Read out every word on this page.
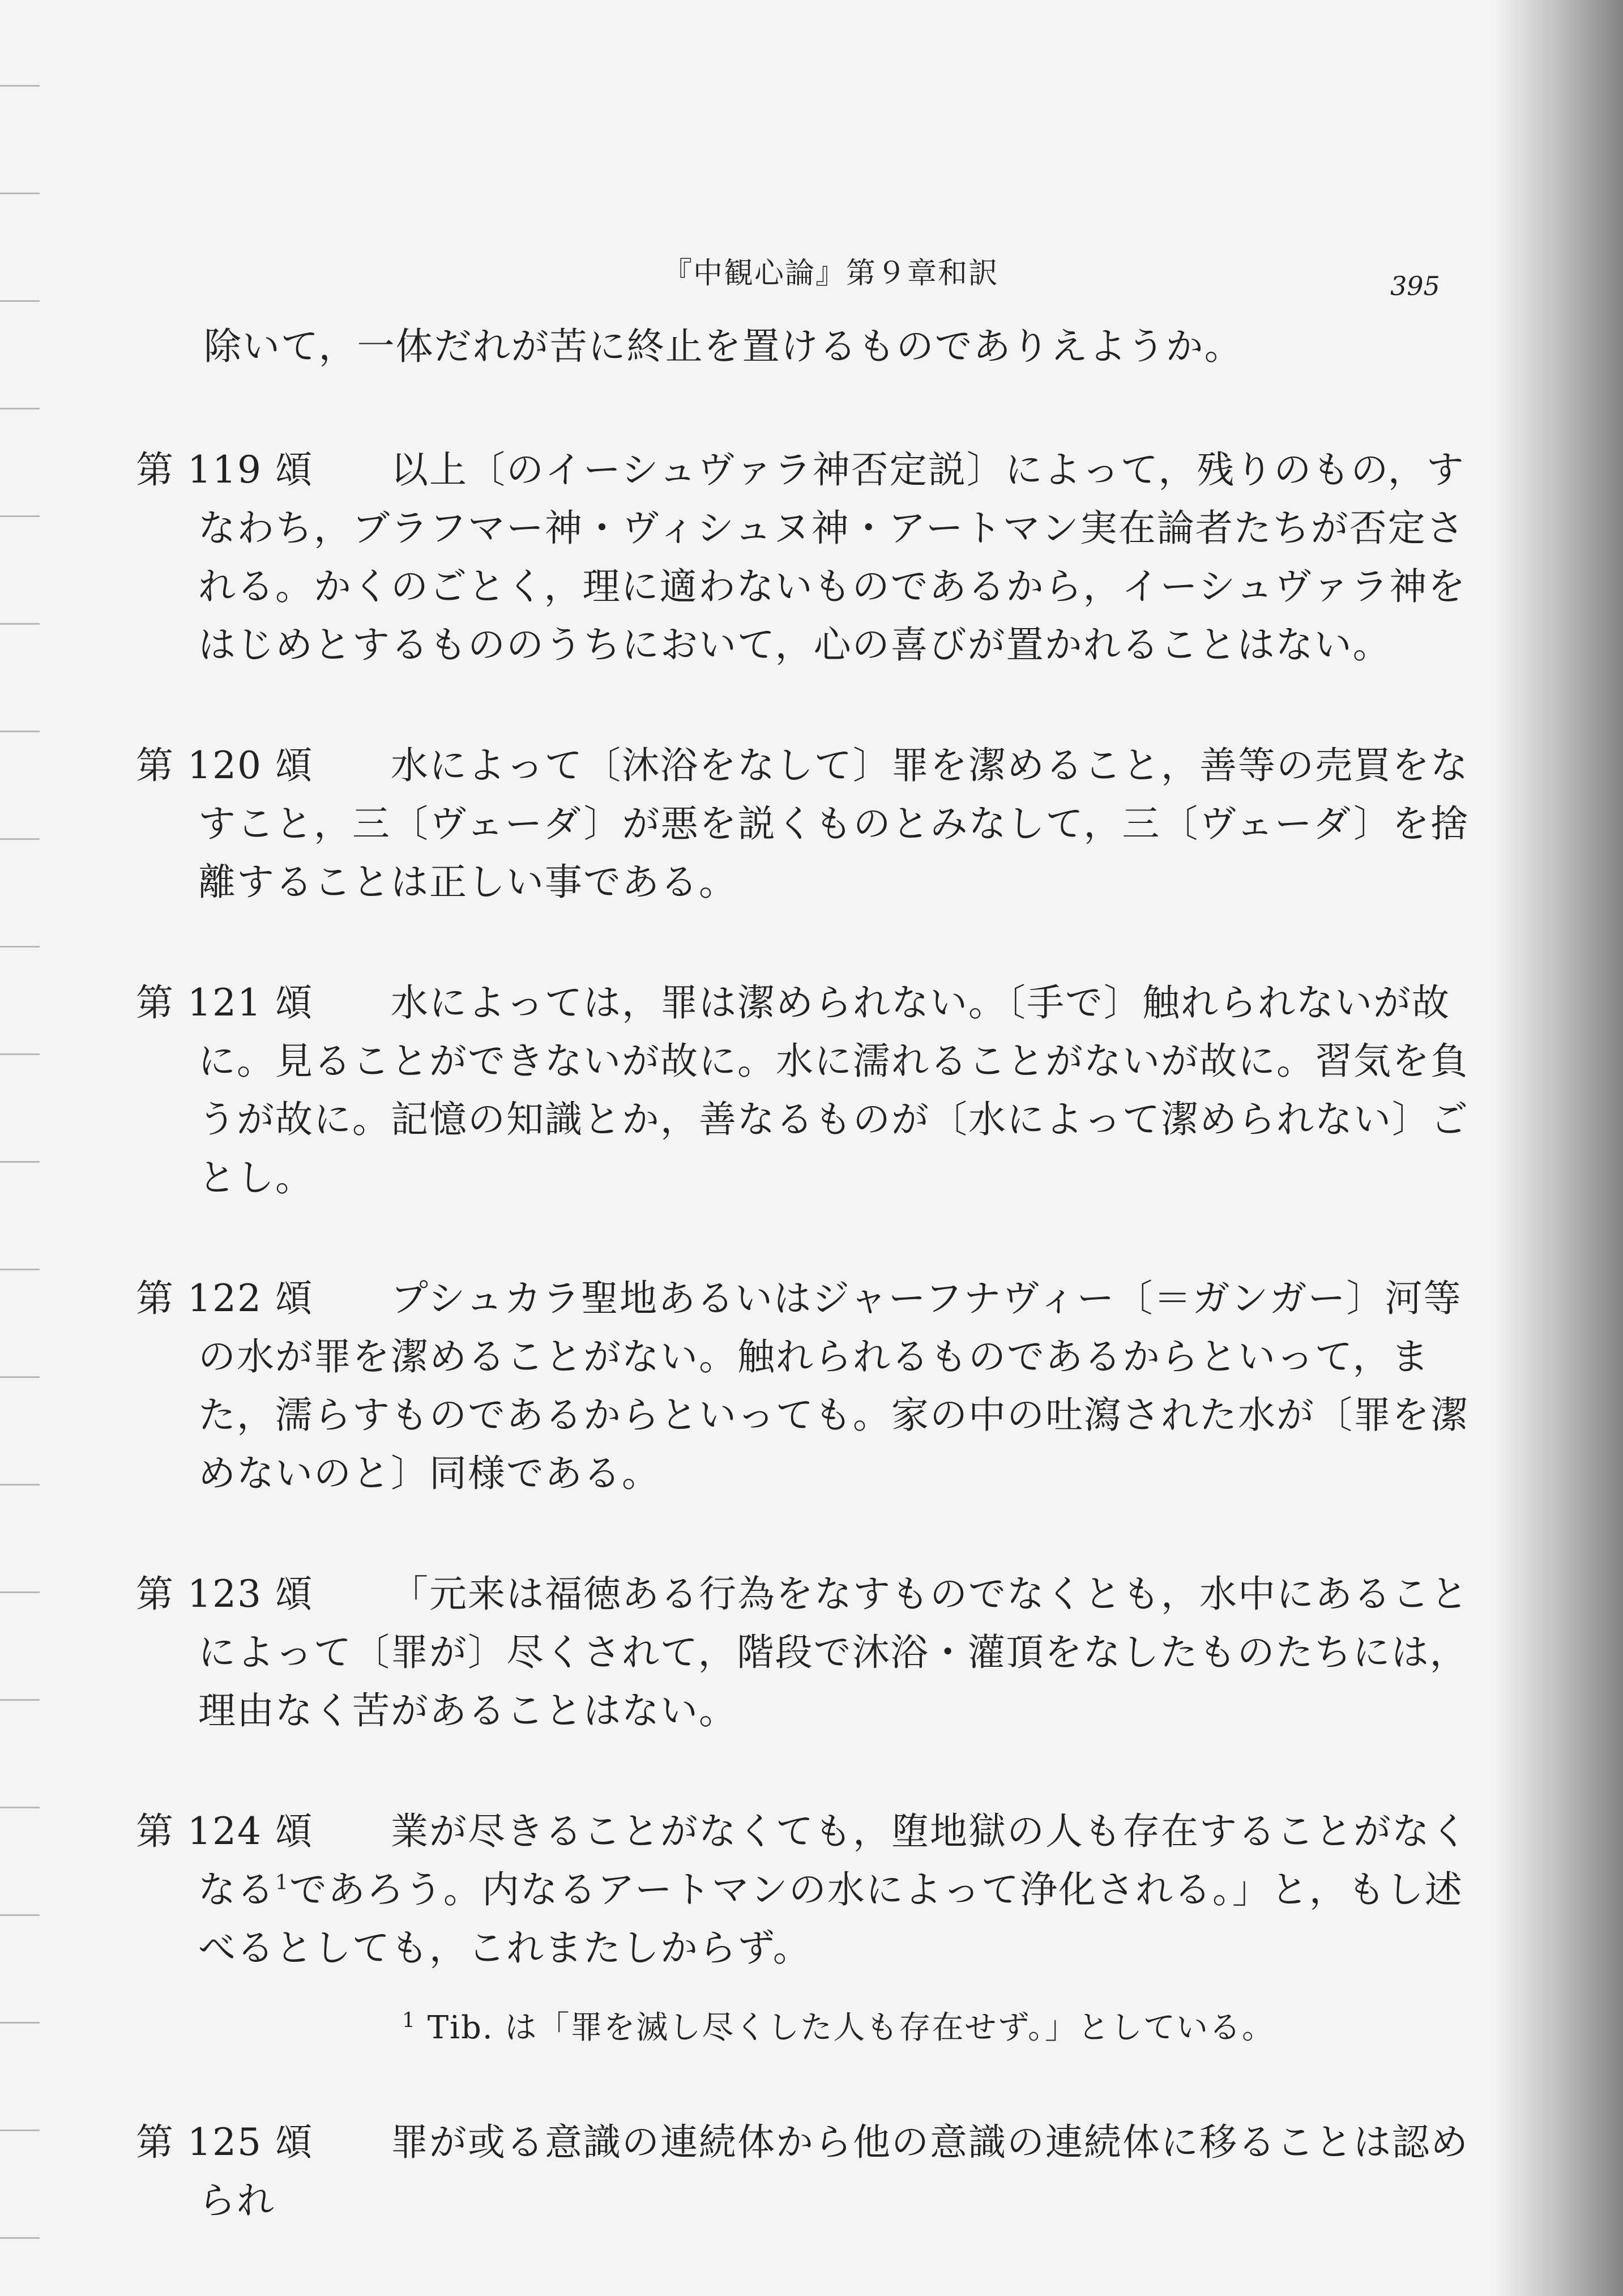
『中観心論』第９章和訳	395
除いて，一体だれが苦に終止を置けるものでありえようか。
第 119 頌	以上〔のイーシュヴァラ神否定説〕によって，残りのもの，すなわち，ブラフマー神・ヴィシュヌ神・アートマン実在論者たちが否定される。かくのごとく，理に適わないものであるから，イーシュヴァラ神をはじめとするもののうちにおいて，心の喜びが置かれることはない。
第 120 頌	水によって〔沐浴をなして〕罪を潔めること，善等の売買をなすこと，三〔ヴェーダ〕が悪を説くものとみなして，三〔ヴェーダ〕を捨離することは正しい事である。
第 121 頌	水によっては，罪は潔められない。〔手で〕触れられないが故に。見ることができないが故に。水に濡れることがないが故に。習気を負うが故に。記憶の知識とか，善なるものが〔水によって潔められない〕ごとし。
第 122 頌	プシュカラ聖地あるいはジャーフナヴィー〔＝ガンガー〕河等の水が罪を潔めることがない。触れられるものであるからといって，また，濡らすものであるからといっても。家の中の吐瀉された水が〔罪を潔めないのと〕同様である。
第 123 頌	「元来は福徳ある行為をなすものでなくとも，水中にあることによって〔罪が〕尽くされて，階段で沐浴・灌頂をなしたものたちには，理由なく苦があることはない。
第 124 頌	業が尽きることがなくても，堕地獄の人も存在することがなくなる$^1$であろう。内なるアートマンの水によって浄化される。」と，もし述べるとしても，これまたしからず。
$^1$ Tib. は「罪を滅し尽くした人も存在せず。」としている。
第 125 頌	罪が或る意識の連続体から他の意識の連続体に移ることは認められ
